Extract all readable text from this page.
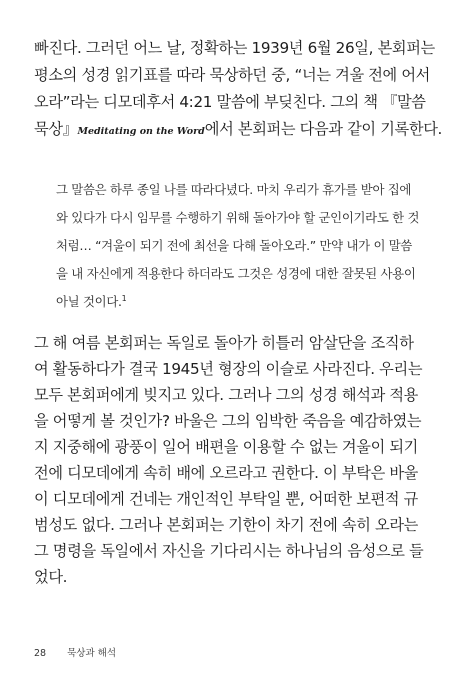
빠진다. 그러던 어느 날, 정확하는 1939년 6월 26일, 본회퍼는
평소의 성경 읽기표를 따라 묵상하던 중, “너는 겨울 전에 어서
오라”라는 디모데후서 4:21 말씀에 부딪친다. 그의 책 『말씀
묵상』Meditating on the Word에서 본회퍼는 다음과 같이 기록한다.
그 말씀은 하루 종일 나를 따라다녔다. 마치 우리가 휴가를 받아 집에
와 있다가 다시 임무를 수행하기 위해 돌아가야 할 군인이기라도 한 것
처럼… “겨울이 되기 전에 최선을 다해 돌아오라.” 만약 내가 이 말씀
을 내 자신에게 적용한다 하더라도 그것은 성경에 대한 잘못된 사용이
아닐 것이다.$^1$
그 해 여름 본회퍼는 독일로 돌아가 히틀러 암살단을 조직하
여 활동하다가 결국 1945년 형장의 이슬로 사라진다. 우리는
모두 본회퍼에게 빚지고 있다. 그러나 그의 성경 해석과 적용
을 어떻게 볼 것인가? 바울은 그의 임박한 죽음을 예감하였는
지 지중해에 광풍이 일어 배편을 이용할 수 없는 겨울이 되기
전에 디모데에게 속히 배에 오르라고 권한다. 이 부탁은 바울
이 디모데에게 건네는 개인적인 부탁일 뿐, 어떠한 보편적 규
범성도 없다. 그러나 본회퍼는 기한이 차기 전에 속히 오라는
그 명령을 독일에서 자신을 기다리시는 하나님의 음성으로 들
었다.
28 묵상과 해석
